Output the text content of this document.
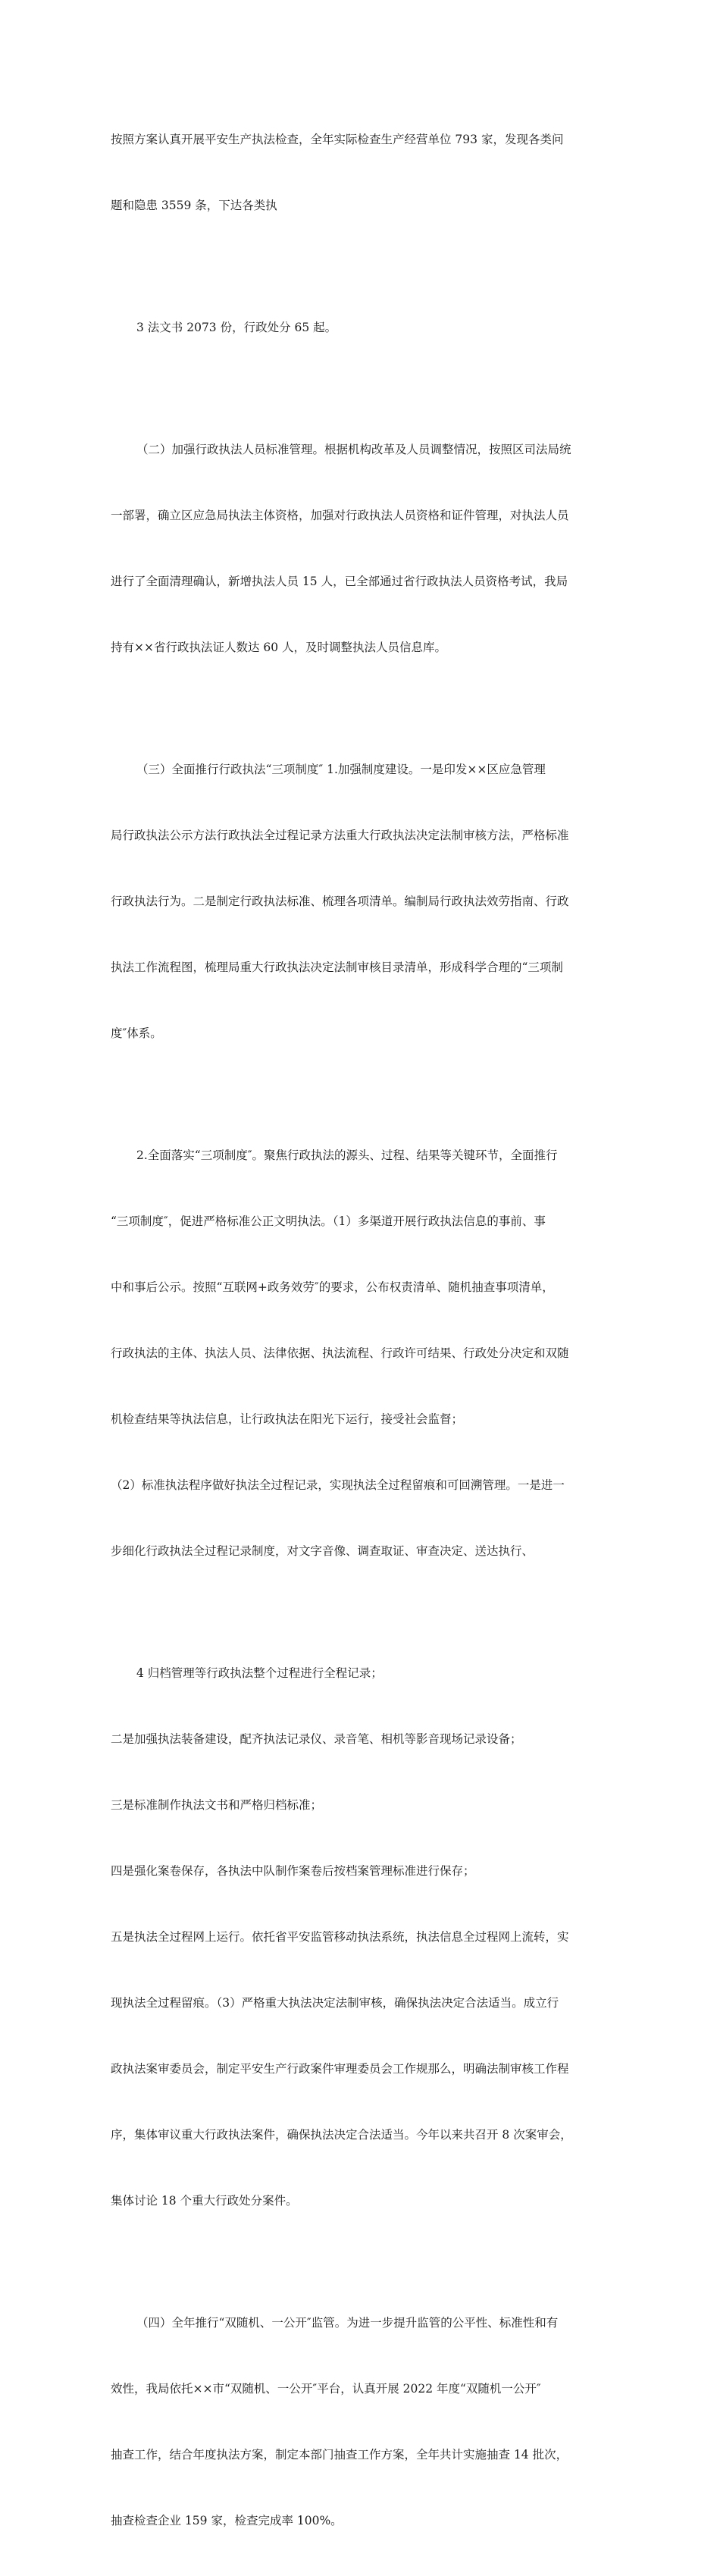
按照方案认真开展平安生产执法检查，全年实际检查生产经营单位 793 家，发现各类问

题和隐患 3559 条，下达各类执

3 法文书 2073 份，行政处分 65 起。

（二）加强行政执法人员标准管理。根据机构改革及人员调整情况，按照区司法局统

一部署，确立区应急局执法主体资格，加强对行政执法人员资格和证件管理，对执法人员

进行了全面清理确认，新增执法人员 15 人，已全部通过省行政执法人员资格考试，我局

持有××省行政执法证人数达 60 人，及时调整执法人员信息库。

（三）全面推行行政执法“三项制度″ 1.加强制度建设。一是印发××区应急管理

局行政执法公示方法行政执法全过程记录方法重大行政执法决定法制审核方法，严格标准

行政执法行为。二是制定行政执法标准、梳理各项清单。编制局行政执法效劳指南、行政

执法工作流程图，梳理局重大行政执法决定法制审核目录清单，形成科学合理的“三项制

度″体系。

2.全面落实“三项制度″。聚焦行政执法的源头、过程、结果等关键环节，全面推行

“三项制度″，促进严格标准公正文明执法。（1）多渠道开展行政执法信息的事前、事

中和事后公示。按照“互联网+政务效劳″的要求，公布权责清单、随机抽查事项清单，

行政执法的主体、执法人员、法律依据、执法流程、行政许可结果、行政处分决定和双随

机检查结果等执法信息，让行政执法在阳光下运行，接受社会监督；

（2）标准执法程序做好执法全过程记录，实现执法全过程留痕和可回溯管理。一是进一

步细化行政执法全过程记录制度，对文字音像、调查取证、审查决定、送达执行、

4 归档管理等行政执法整个过程进行全程记录；

二是加强执法装备建设，配齐执法记录仪、录音笔、相机等影音现场记录设备；

三是标准制作执法文书和严格归档标准；

四是强化案卷保存，各执法中队制作案卷后按档案管理标准进行保存；

五是执法全过程网上运行。依托省平安监管移动执法系统，执法信息全过程网上流转，实

现执法全过程留痕。（3）严格重大执法决定法制审核，确保执法决定合法适当。成立行

政执法案审委员会，制定平安生产行政案件审理委员会工作规那么，明确法制审核工作程

序，集体审议重大行政执法案件，确保执法决定合法适当。今年以来共召开 8 次案审会，

集体讨论 18 个重大行政处分案件。

（四）全年推行“双随机、一公开″监管。为进一步提升监管的公平性、标准性和有

效性，我局依托××市“双随机、一公开″平台，认真开展 2022 年度“双随机一公开″

抽查工作，结合年度执法方案，制定本部门抽查工作方案，全年共计实施抽查 14 批次，

抽查检查企业 159 家，检查完成率 100%。
